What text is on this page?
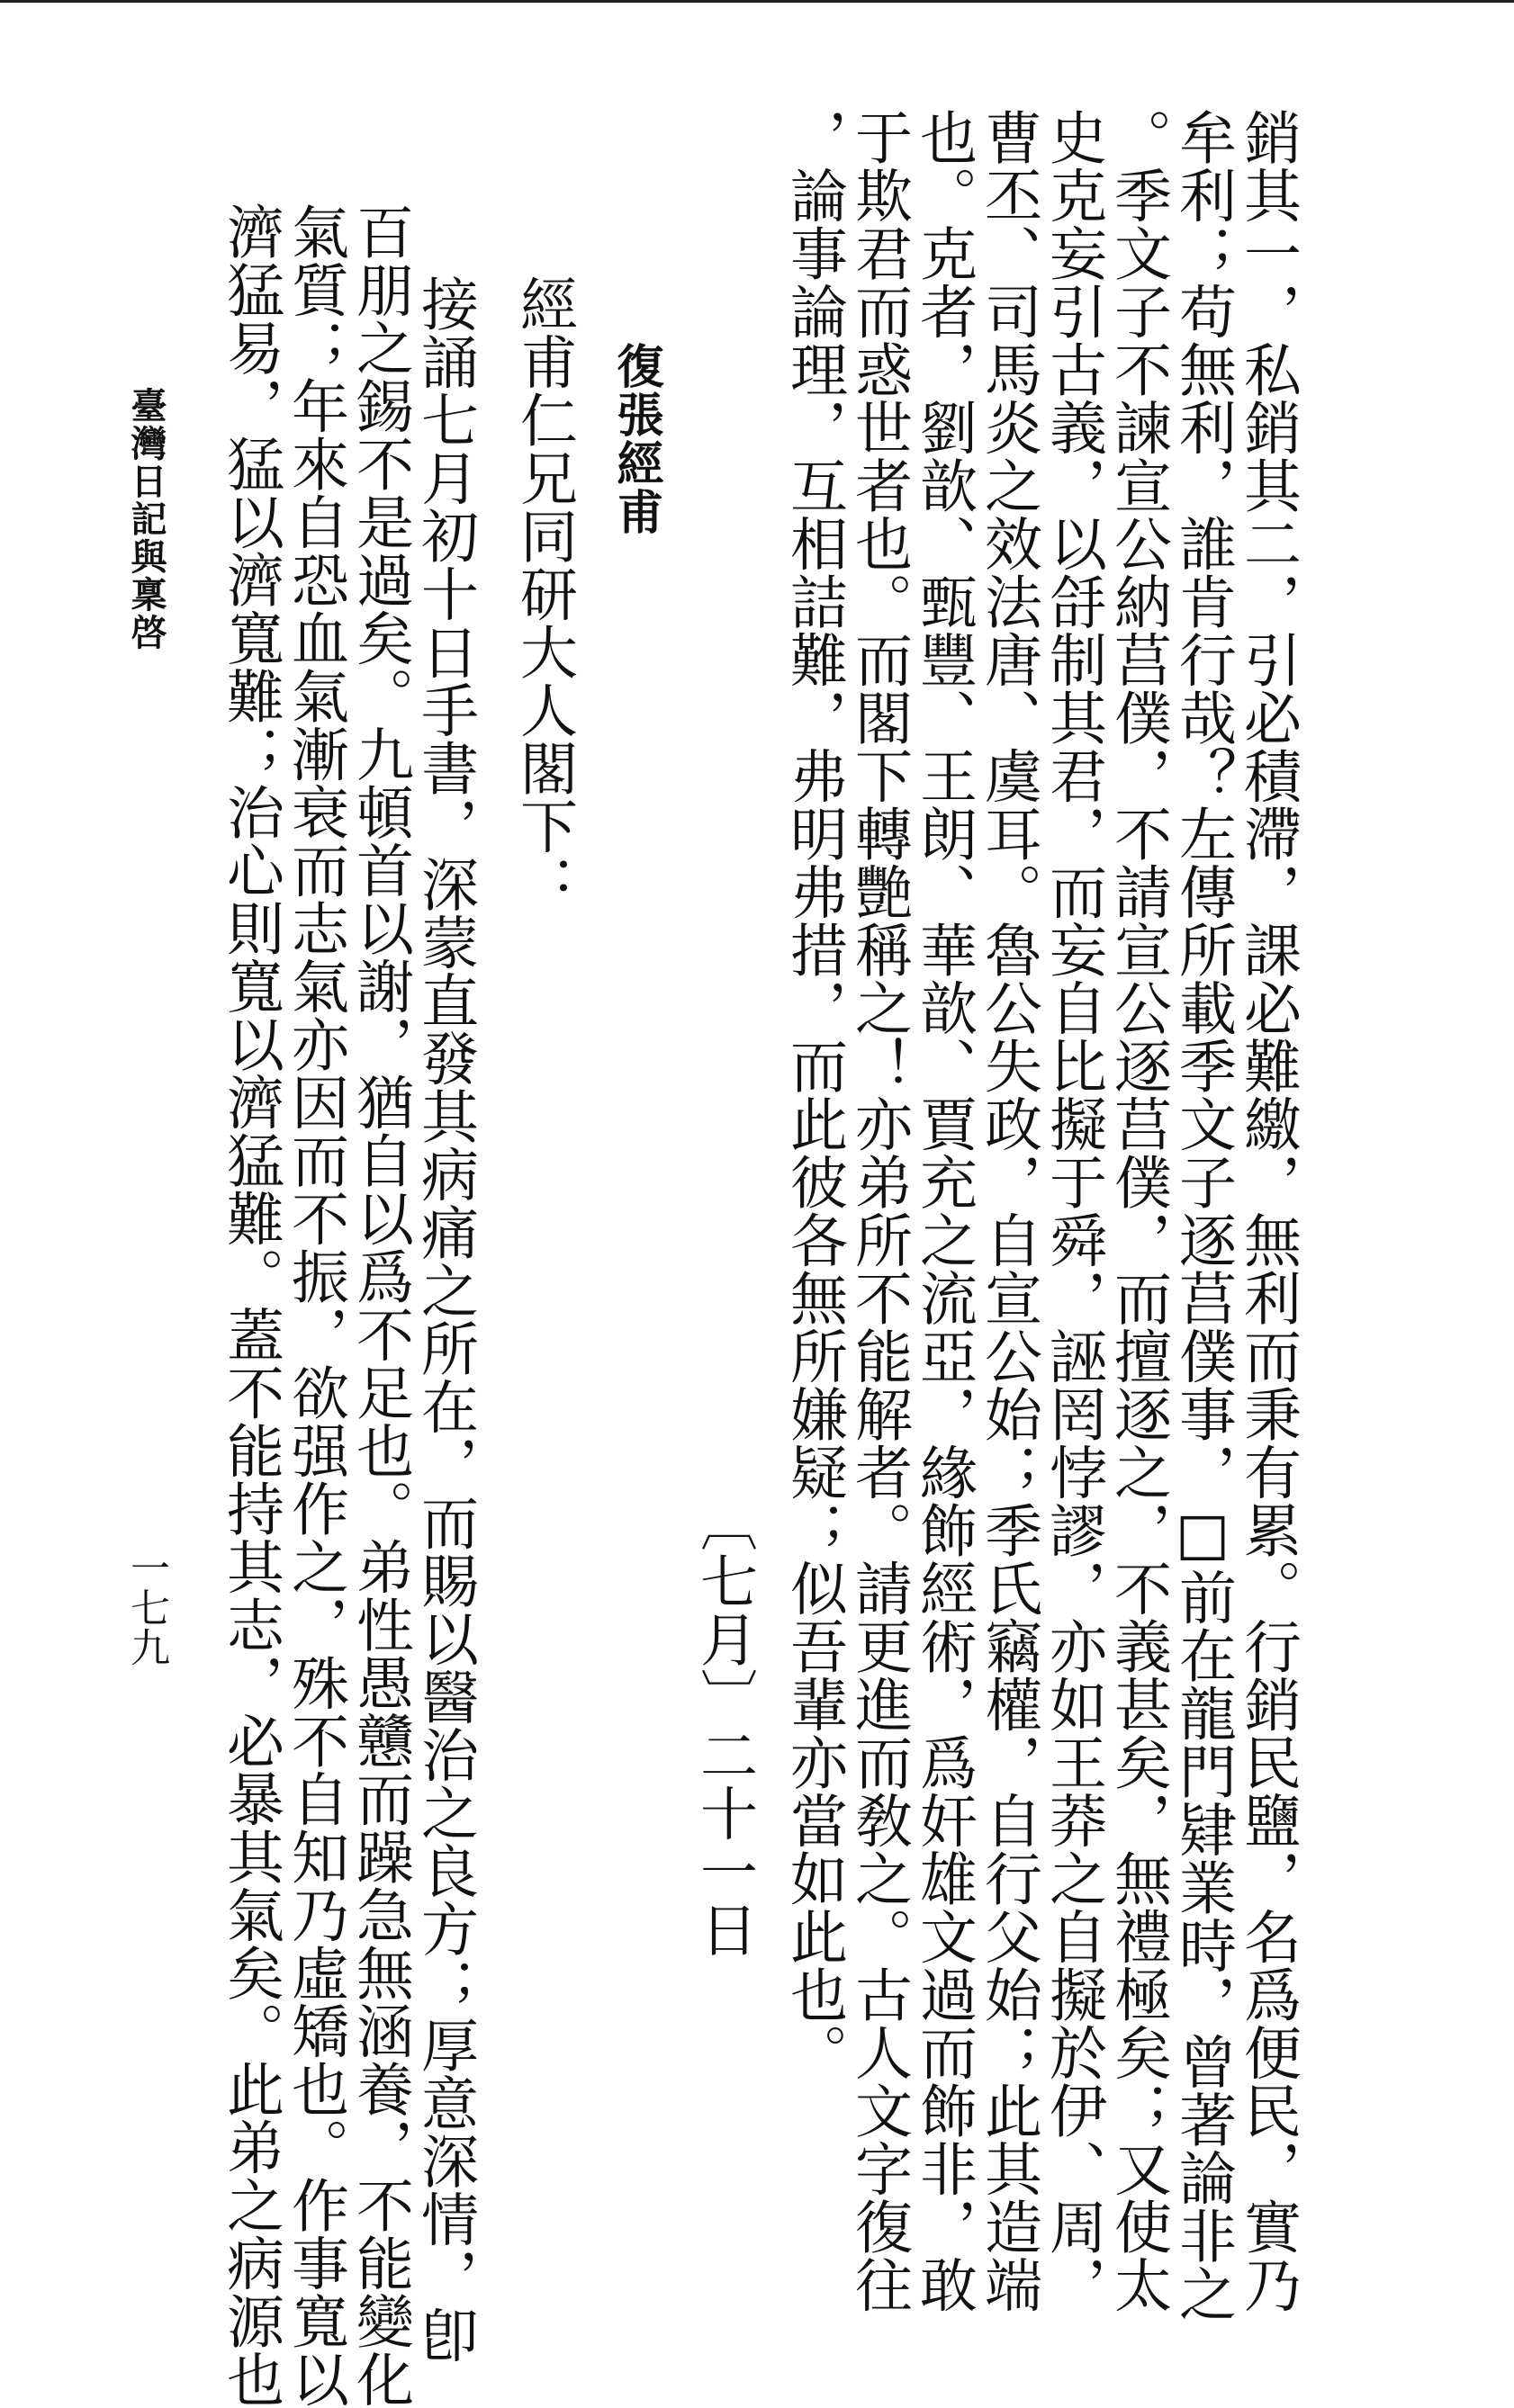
銷其一，私銷其二，引必積滯，課必難繳，無利而秉有累。行銷民鹽，名爲便民，實乃
牟利；苟無利，誰肯行哉？左傳所載季文子逐莒僕事，□前在龍門肄業時，曾著論非之
。季文子不諫宣公納莒僕，不請宣公逐莒僕，而擅逐之，不義甚矣，無禮極矣；又使太
史克妄引古義，以㧱制其君，而妄自比擬于舜，誣罔悖謬，亦如王莽之自擬於伊、周，
曹丕、司馬炎之效法唐、虞耳。魯公失政，自宣公始；季氏竊權，自行父始；此其造端
也。克者，劉歆、甄豐、王朗、華歆、賈充之流亞，緣飾經術，爲奸雄文過而飾非，敢
于欺君而惑世者也。而閣下轉艷稱之！亦弟所不能解者。請更進而敎之。古人文字復往
，論事論理，互相詰難，弗明弗措，而此彼各無所嫌疑；似吾輩亦當如此也。
〔七月〕二十一日
復張經甫
經甫仁兄同研大人閣下：
接誦七月初十日手書，深蒙直發其病痛之所在，而賜以醫治之良方；厚意深情，卽
百朋之錫不是過矣。九頓首以謝，猶自以爲不足也。弟性愚戇而躁急無涵養，不能變化
氣質；年來自恐血氣漸衰而志氣亦因而不振，欲强作之，殊不自知乃虛矯也。作事寬以
濟猛易，猛以濟寬難；治心則寬以濟猛難。蓋不能持其志，必暴其氣矣。此弟之病源也
臺灣日記與稟啓
一七九
